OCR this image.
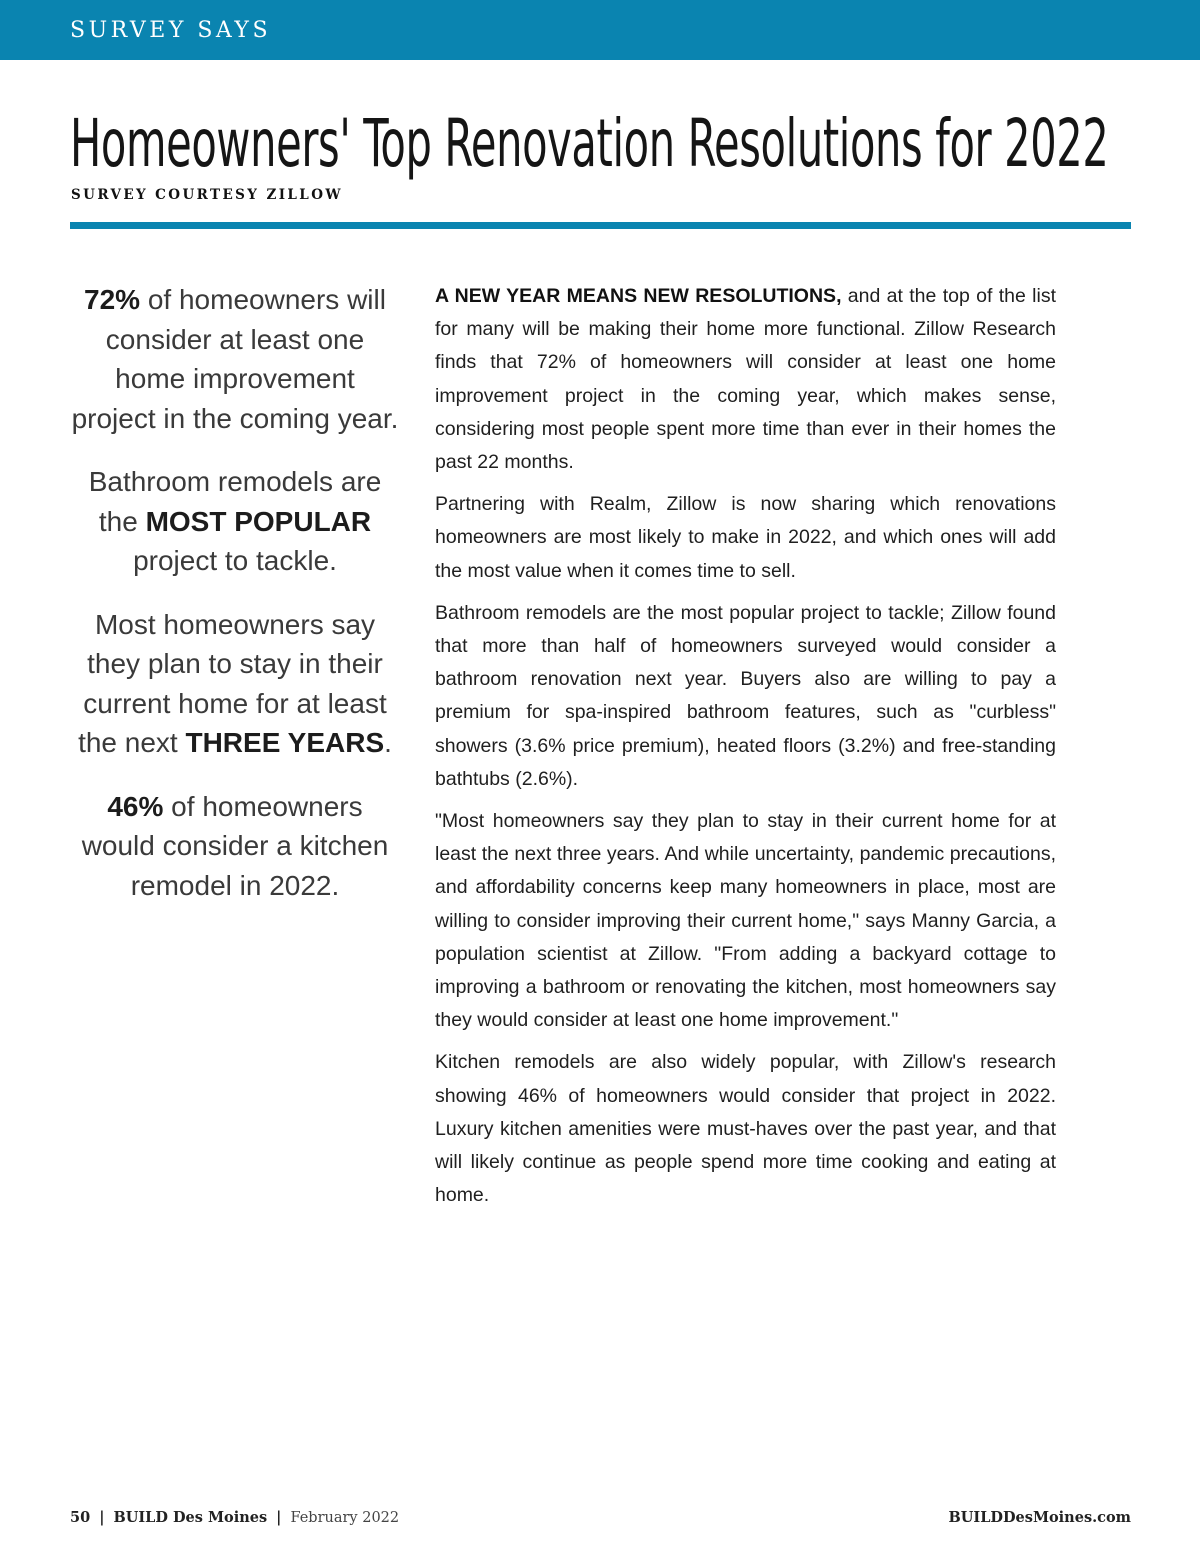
SURVEY SAYS
Homeowners' Top Renovation Resolutions for 2022
SURVEY COURTESY ZILLOW

72% of homeowners will consider at least one home improvement project in the coming year.

Bathroom remodels are the MOST POPULAR project to tackle.

Most homeowners say they plan to stay in their current home for at least the next THREE YEARS.

46% of homeowners would consider a kitchen remodel in 2022.

A NEW YEAR MEANS NEW RESOLUTIONS, and at the top of the list for many will be making their home more functional. Zillow Research finds that 72% of homeowners will consider at least one home improvement project in the coming year, which makes sense, considering most people spent more time than ever in their homes the past 22 months.

Partnering with Realm, Zillow is now sharing which renovations homeowners are most likely to make in 2022, and which ones will add the most value when it comes time to sell.

Bathroom remodels are the most popular project to tackle; Zillow found that more than half of homeowners surveyed would consider a bathroom renovation next year. Buyers also are willing to pay a premium for spa-inspired bathroom features, such as "curbless" showers (3.6% price premium), heated floors (3.2%) and free-standing bathtubs (2.6%).

"Most homeowners say they plan to stay in their current home for at least the next three years. And while uncertainty, pandemic precautions, and affordability concerns keep many homeowners in place, most are willing to consider improving their current home," says Manny Garcia, a population scientist at Zillow. "From adding a backyard cottage to improving a bathroom or renovating the kitchen, most homeowners say they would consider at least one home improvement."

Kitchen remodels are also widely popular, with Zillow's research showing 46% of homeowners would consider that project in 2022. Luxury kitchen amenities were must-haves over the past year, and that will likely continue as people spend more time cooking and eating at home.

50 | BUILD Des Moines | February 2022	BUILDDesMoines.com
